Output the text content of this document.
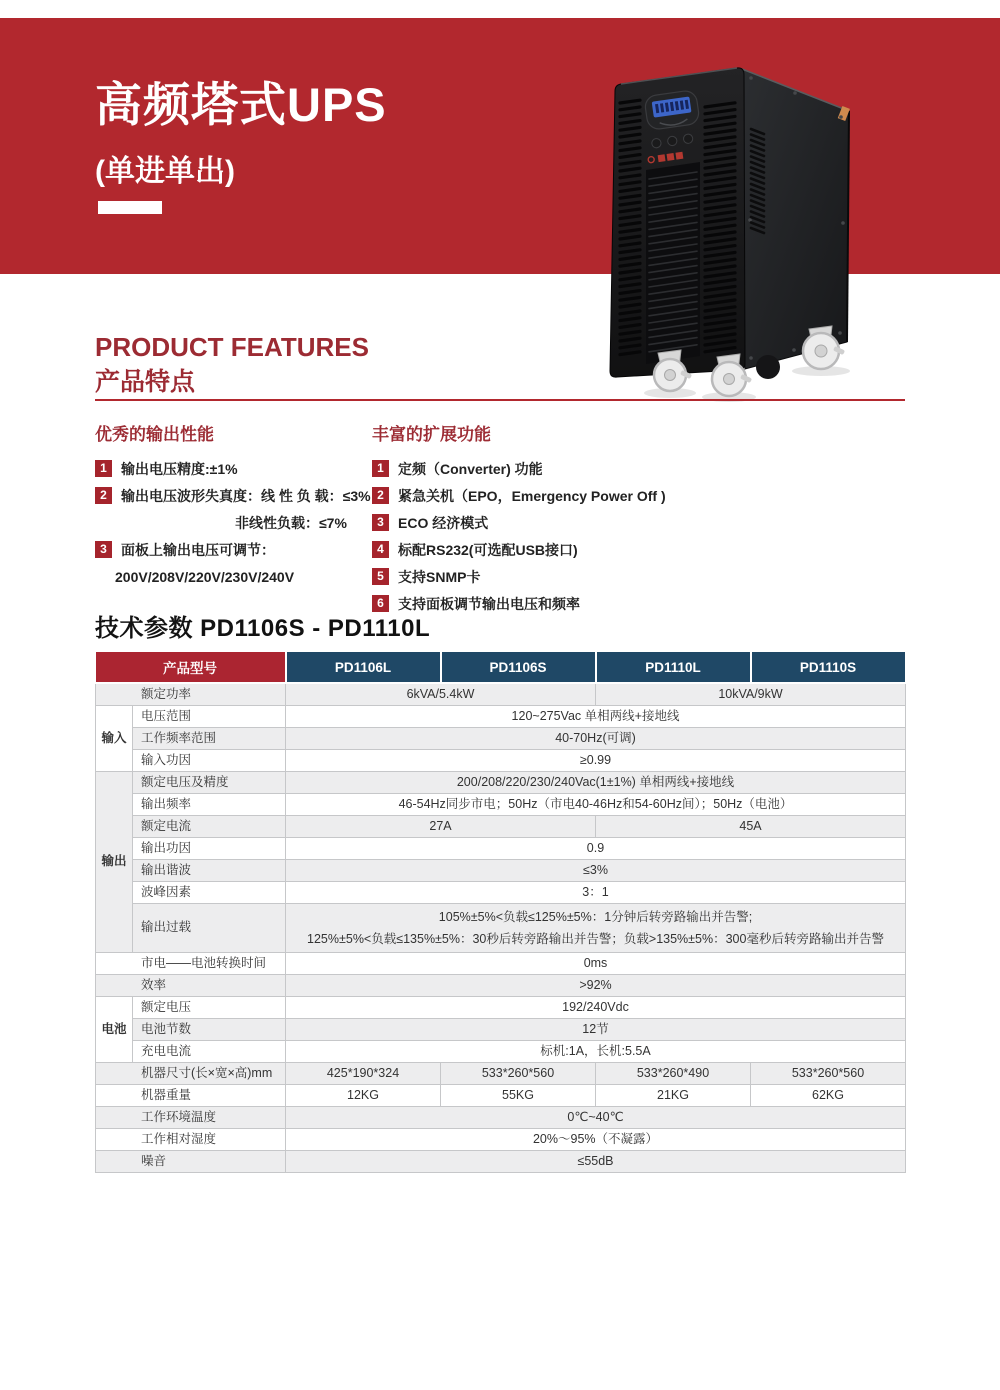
高频塔式UPS
(单进单出)
PRODUCT FEATURES
产品特点
优秀的输出性能
1	输出电压精度:±1%
2	输出电压波形失真度：线 性 负 载：≤3%
非线性负载：≤7%
3	面板上输出电压可调节：
200V/208V/220V/230V/240V
丰富的扩展功能
1	定频（Converter) 功能
2	紧急关机（EPO，Emergency Power Off )
3	ECO 经济模式
4	标配RS232(可选配USB接口)
5	支持SNMP卡
6	支持面板调节输出电压和频率
技术参数 PD1106S - PD1110L
产品型号		PD1106L	PD1106S	PD1110L	PD1110S
额定功率		6kVA/5.4kW		10kVA/9kW	
输入	电压范围	120~275Vac 单相两线+接地线			
	工作频率范围	40-70Hz(可调)			
	输入功因	≥0.99			
输出	额定电压及精度	200/208/220/230/240Vac(1±1%) 单相两线+接地线			
	输出频率	46-54Hz同步市电；50Hz（市电40-46Hz和54-60Hz间）；50Hz（电池）			
	额定电流	27A		45A	
	输出功因	0.9			
	输出谐波	≤3%			
	波峰因素	3：1			
	输出过载	105%±5%<负载≤125%±5%：1分钟后转旁路输出并告警;
125%±5%<负载≤135%±5%：30秒后转旁路输出并告警；负载>135%±5%：300毫秒后转旁路输出并告警			

市电——电池转换时间		0ms			
效率		>92%			
电池	额定电压	192/240Vdc			
	电池节数	12节			
	充电电流	标机:1A，长机:5.5A			
机器尺寸(长×宽×高)mm		425*190*324	533*260*560	533*260*490	533*260*560
机器重量		12KG	55KG	21KG	62KG
工作环境温度		0℃~40℃			
工作相对湿度		20%～95%（不凝露）			
噪音		≤55dB			
